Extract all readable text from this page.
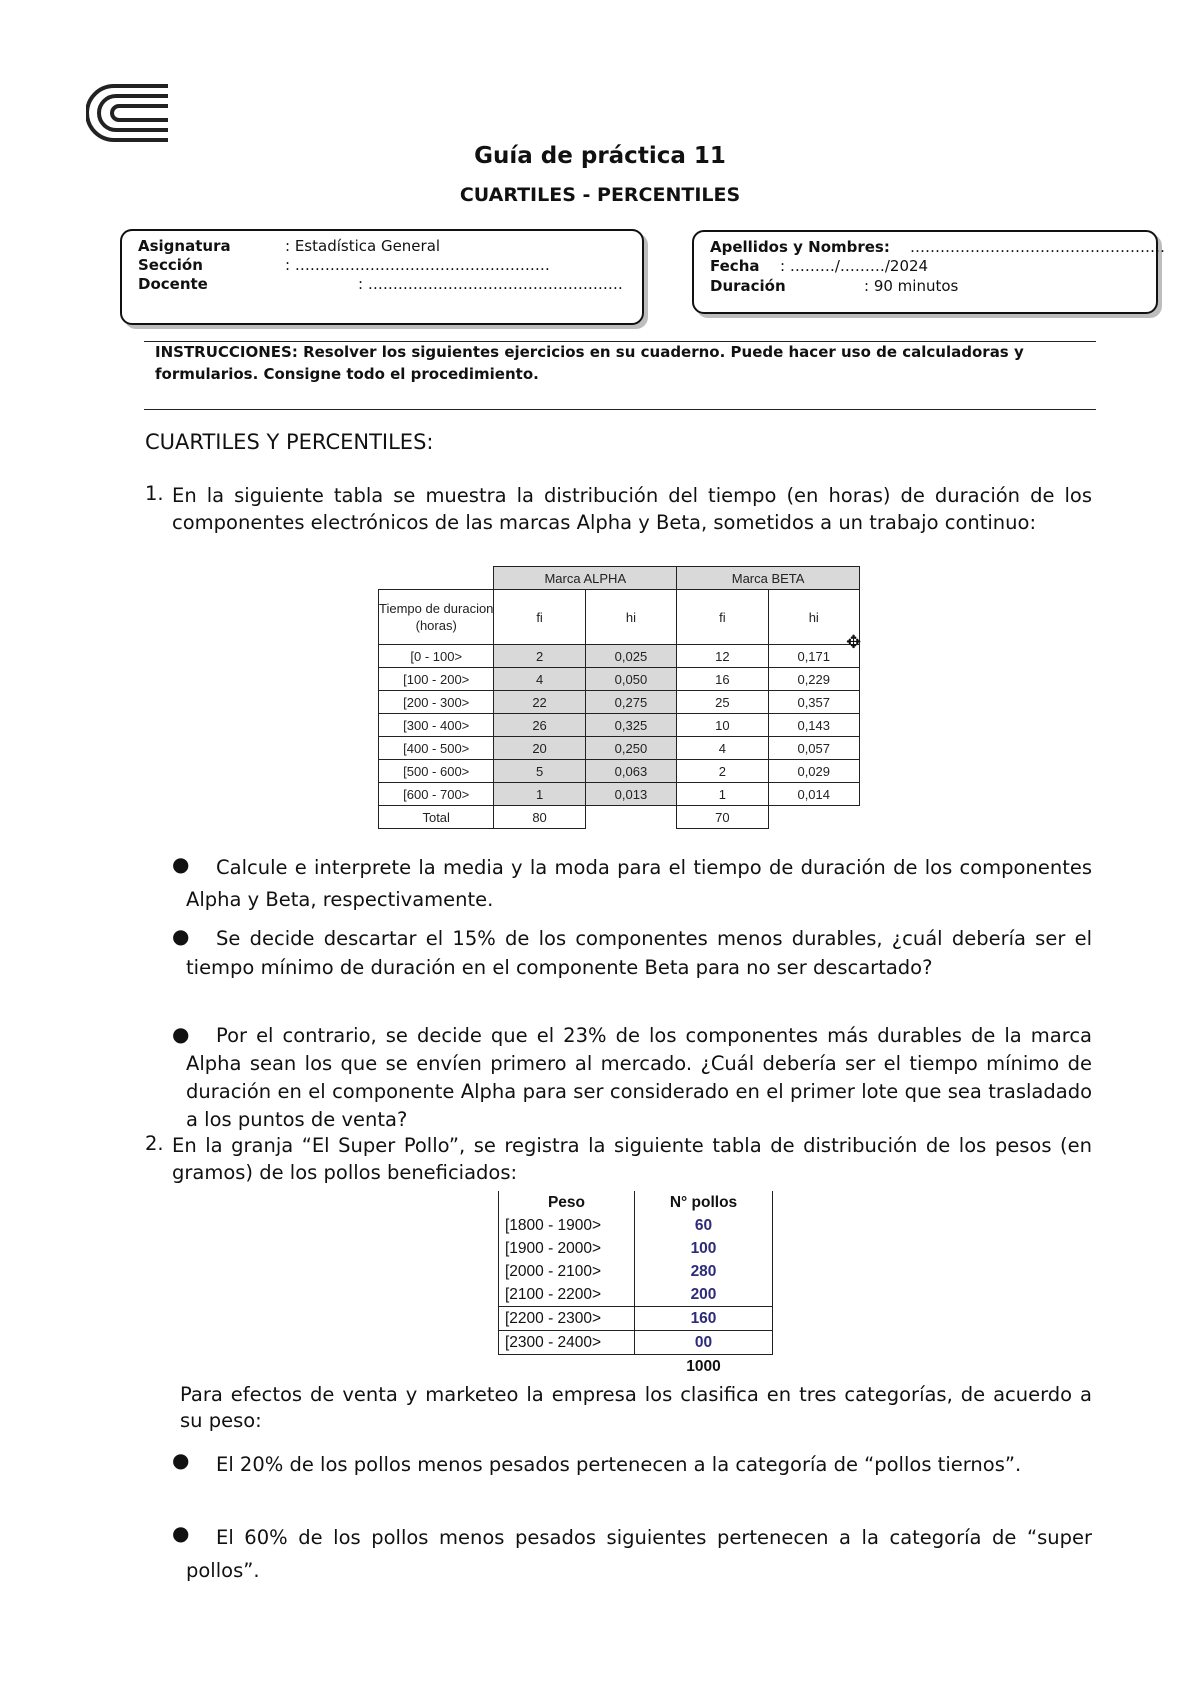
Guía de práctica 11
CUARTILES - PERCENTILES
Asignatura	: Estadística General
Sección	: ……………………………………………
Docente	: ……………………………………………
Apellidos y Nombres: ……………………………………………
Fecha : ………/………/2024
Duración	: 90 minutos
INSTRUCCIONES: Resolver los siguientes ejercicios en su cuaderno. Puede hacer uso de calculadoras y formularios. Consigne todo el procedimiento.
CUARTILES Y PERCENTILES:
1. En la siguiente tabla se muestra la distribución del tiempo (en horas) de duración de los componentes electrónicos de las marcas Alpha y Beta, sometidos a un trabajo continuo:
	Marca ALPHA		Marca BETA	
Tiempo de duracion (horas)	fi	hi	fi	hi
[0 - 100>	2	0,025	12	0,171
[100 - 200>	4	0,050	16	0,229
[200 - 300>	22	0,275	25	0,357
[300 - 400>	26	0,325	10	0,143
[400 - 500>	20	0,250	4	0,057
[500 - 600>	5	0,063	2	0,029
[600 - 700>	1	0,013	1	0,014
Total	80		70	
✥
●	Calcule e interprete la media y la moda para el tiempo de duración de los componentes Alpha y Beta, respectivamente.
●	Se decide descartar el 15% de los componentes menos durables, ¿cuál debería ser el tiempo mínimo de duración en el componente Beta para no ser descartado?
●	Por el contrario, se decide que el 23% de los componentes más durables de la marca Alpha sean los que se envíen primero al mercado. ¿Cuál debería ser el tiempo mínimo de duración en el componente Alpha para ser considerado en el primer lote que sea trasladado a los puntos de venta?
2. En la granja “El Super Pollo”, se registra la siguiente tabla de distribución de los pesos (en gramos) de los pollos beneficiados:
Peso	N° pollos
[1800 - 1900>	60
[1900 - 2000>	100
[2000 - 2100>	280
[2100 - 2200>	200
[2200 - 2300>	160
[2300 - 2400>	00
	1000
Para efectos de venta y marketeo la empresa los clasifica en tres categorías, de acuerdo a su peso:
●	El 20% de los pollos menos pesados pertenecen a la categoría de “pollos tiernos”.
●	El 60% de los pollos menos pesados siguientes pertenecen a la categoría de “super pollos”.
